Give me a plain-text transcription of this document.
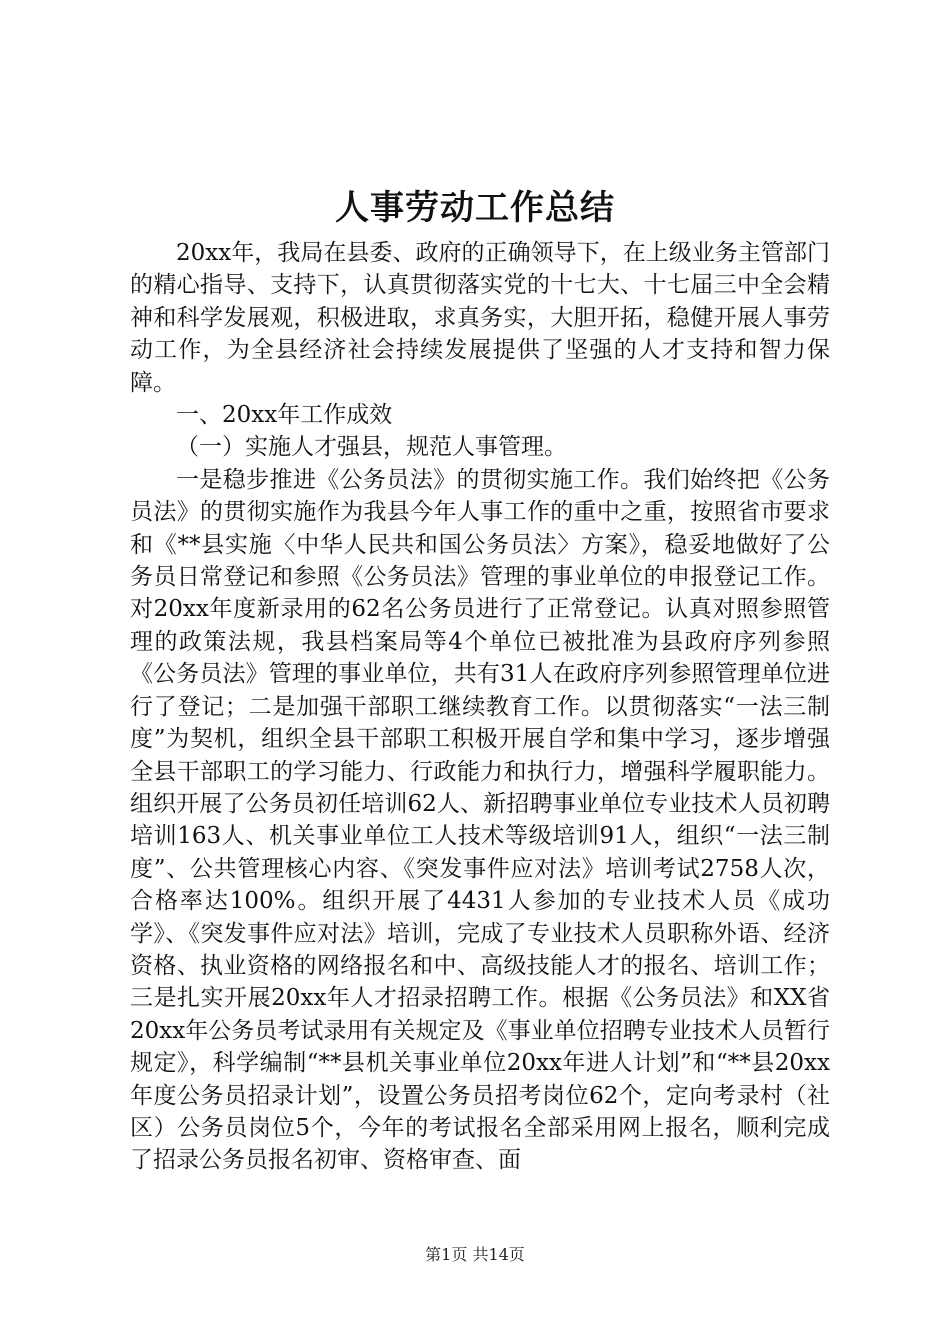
人事劳动工作总结

20xx年，我局在县委、政府的正确领导下，在上级业务主管部门的精心指导、支持下，认真贯彻落实党的十七大、十七届三中全会精神和科学发展观，积极进取，求真务实，大胆开拓，稳健开展人事劳动工作，为全县经济社会持续发展提供了坚强的人才支持和智力保障。

一、20xx年工作成效

（一）实施人才强县，规范人事管理。

一是稳步推进《公务员法》的贯彻实施工作。我们始终把《公务员法》的贯彻实施作为我县今年人事工作的重中之重，按照省市要求和《**县实施〈中华人民共和国公务员法〉方案》，稳妥地做好了公务员日常登记和参照《公务员法》管理的事业单位的申报登记工作。对20xx年度新录用的62名公务员进行了正常登记。认真对照参照管理的政策法规，我县档案局等4个单位已被批准为县政府序列参照《公务员法》管理的事业单位，共有31人在政府序列参照管理单位进行了登记；二是加强干部职工继续教育工作。以贯彻落实“一法三制度”为契机，组织全县干部职工积极开展自学和集中学习，逐步增强全县干部职工的学习能力、行政能力和执行力，增强科学履职能力。组织开展了公务员初任培训62人、新招聘事业单位专业技术人员初聘培训163人、机关事业单位工人技术等级培训91人，组织“一法三制度”、公共管理核心内容、《突发事件应对法》培训考试2758人次，合格率达100%。组织开展了4431人参加的专业技术人员《成功学》、《突发事件应对法》培训，完成了专业技术人员职称外语、经济资格、执业资格的网络报名和中、高级技能人才的报名、培训工作；三是扎实开展20xx年人才招录招聘工作。根据《公务员法》和XX省20xx年公务员考试录用有关规定及《事业单位招聘专业技术人员暂行规定》，科学编制“**县机关事业单位20xx年进人计划”和“**县20xx年度公务员招录计划”，设置公务员招考岗位62个，定向考录村（社区）公务员岗位5个，今年的考试报名全部采用网上报名，顺利完成了招录公务员报名初审、资格审查、面

第1页 共14页
